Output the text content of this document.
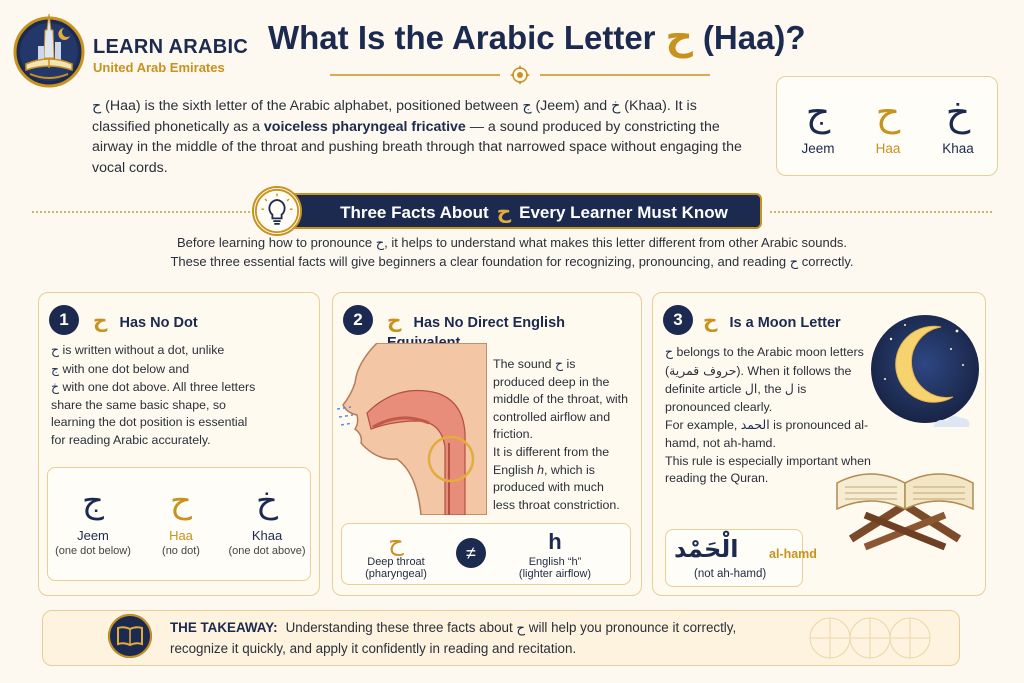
LEARN ARABIC
United Arab Emirates
What Is the Arabic Letter ح (Haa)?
ح (Haa) is the sixth letter of the Arabic alphabet, positioned between ج (Jeem) and خ (Khaa). It is classified phonetically as a voiceless pharyngeal fricative — a sound produced by constricting the airway in the middle of the throat and pushing breath through that narrowed space without engaging the vocal cords.
ج
Jeem
ح
Haa
خ
Khaa
Three Facts About ح Every Learner Must Know
Before learning how to pronounce ح, it helps to understand what makes this letter different from other Arabic sounds. These three essential facts will give beginners a clear foundation for recognizing, pronouncing, and reading ح correctly.
1	ح Has No Dot
ح is written without a dot, unlike
ج with one dot below and
خ with one dot above. All three letters share the same basic shape, so learning the dot position is essential for reading Arabic accurately.
ج
Jeem
(one dot below)
ح
Haa
(no dot)
خ
Khaa
(one dot above)
2	ح Has No Direct English
The sound ح is produced deep in the middle of the throat, with controlled airflow and friction.
It is different from the English h, which is produced with much less throat constriction.
ح
Deep throat
(pharyngeal)
≠	h
English “h”
(lighter airflow)
3	ح Is a Moon Letter
ح belongs to the Arabic moon letters (حروف قمرية). When it follows the definite article ال, the ل is pronounced clearly.
For example, الحمد is pronounced al-hamd, not ah-hamd.
This rule is especially important when reading the Quran.
الْحَمْد
(not ah-hamd)
al-hamd
THE TAKEAWAY: Understanding these three facts about ح will help you pronounce it correctly, recognize it quickly, and apply it confidently in reading and recitation.
